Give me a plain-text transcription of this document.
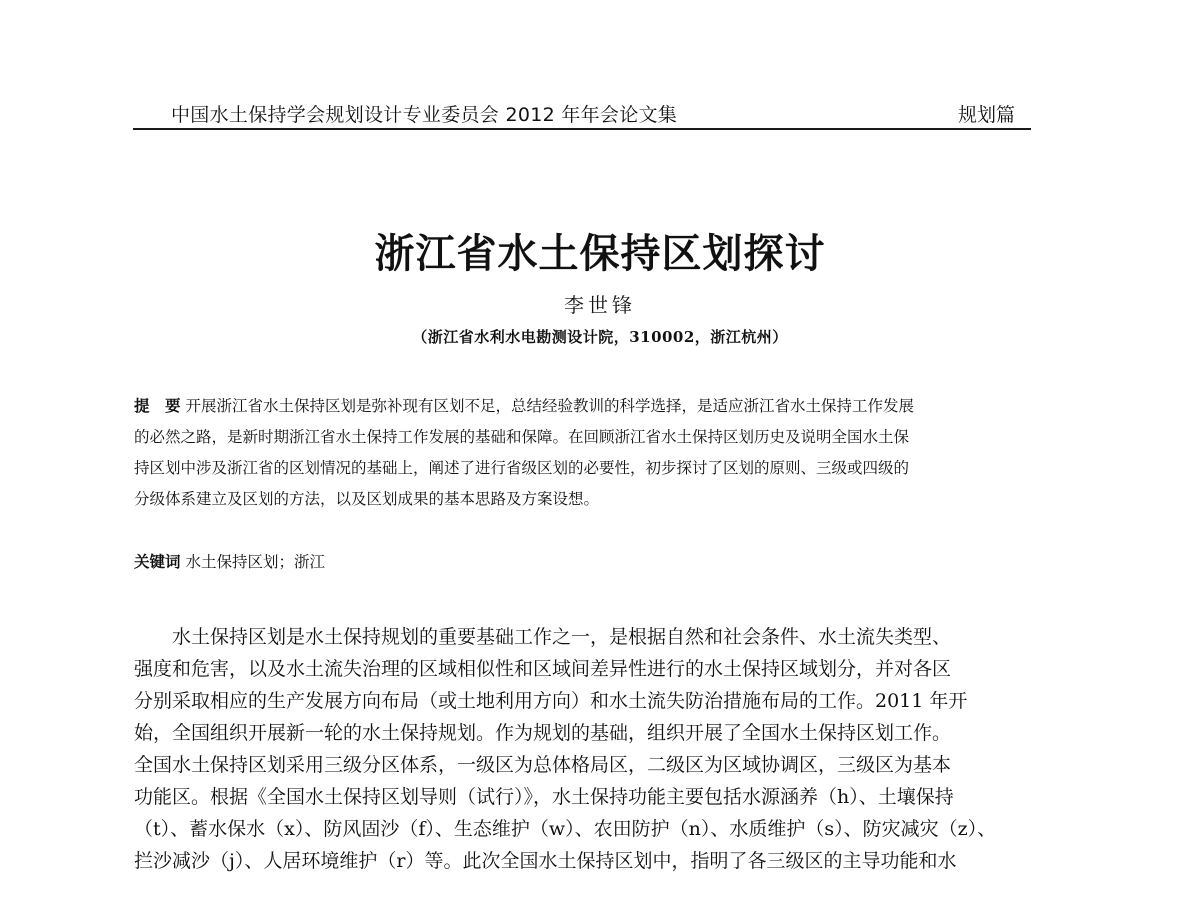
中国水土保持学会规划设计专业委员会 2012 年年会论文集	规划篇
浙江省水土保持区划探讨
李世锋
（浙江省水利水电勘测设计院，310002，浙江杭州）
提　要 开展浙江省水土保持区划是弥补现有区划不足，总结经验教训的科学选择，是适应浙江省水土保持工作发展
的必然之路，是新时期浙江省水土保持工作发展的基础和保障。在回顾浙江省水土保持区划历史及说明全国水土保
持区划中涉及浙江省的区划情况的基础上，阐述了进行省级区划的必要性，初步探讨了区划的原则、三级或四级的
分级体系建立及区划的方法，以及区划成果的基本思路及方案设想。
关键词 水土保持区划；浙江
水土保持区划是水土保持规划的重要基础工作之一，是根据自然和社会条件、水土流失类型、
强度和危害，以及水土流失治理的区域相似性和区域间差异性进行的水土保持区域划分，并对各区
分别采取相应的生产发展方向布局（或土地利用方向）和水土流失防治措施布局的工作。2011 年开
始，全国组织开展新一轮的水土保持规划。作为规划的基础，组织开展了全国水土保持区划工作。
全国水土保持区划采用三级分区体系，一级区为总体格局区，二级区为区域协调区，三级区为基本
功能区。根据《全国水土保持区划导则（试行）》，水土保持功能主要包括水源涵养（h）、土壤保持
（t）、蓄水保水（x）、防风固沙（f）、生态维护（w）、农田防护（n）、水质维护（s）、防灾减灾（z）、
拦沙减沙（j）、人居环境维护（r）等。此次全国水土保持区划中，指明了各三级区的主导功能和水
